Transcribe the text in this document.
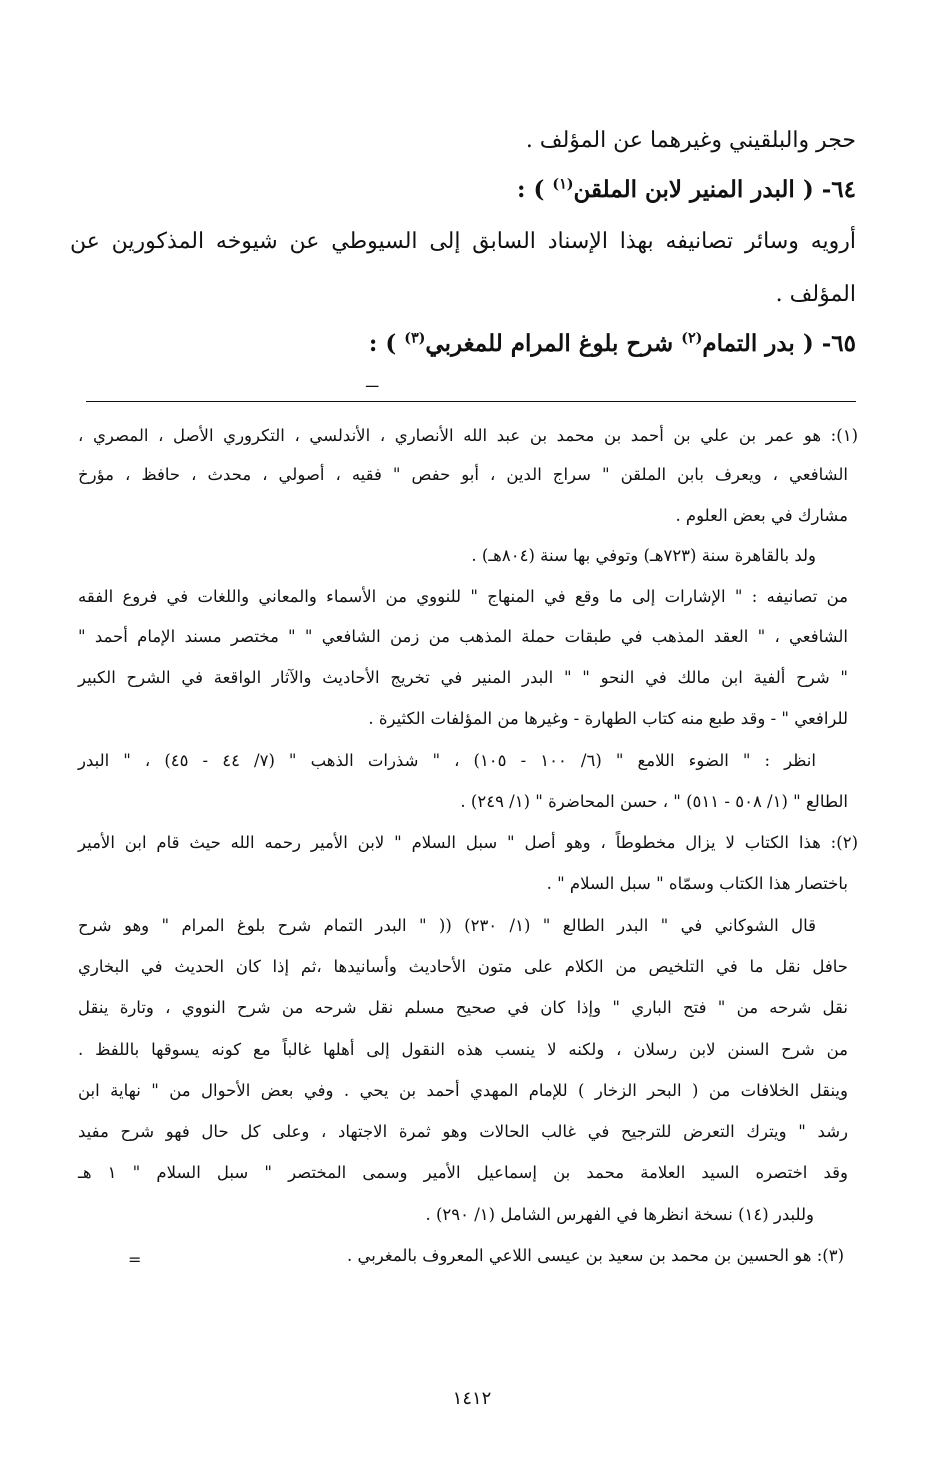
حجر والبلقيني وغيرهما عن المؤلف .
٦٤- ( البدر المنير لابن الملقن$^{(١)}$ ) :
أرويه وسائر تصانيفه بهذا الإسناد السابق إلى السيوطي عن شيوخه المذكورين عن
المؤلف .
٦٥- ( بدر التمام$^{(٢)}$ شرح بلوغ المرام للمغربي$^{(٣)}$ ) :
ـــ
(١): هو عمر بن علي بن أحمد بن محمد بن عبد الله الأنصاري ، الأندلسي ، التكروري الأصل ، المصري ،
الشافعي ، ويعرف بابن الملقن " سراج الدين ، أبو حفص " فقيه ، أصولي ، محدث ، حافظ ، مؤرخ
مشارك في بعض العلوم .
ولد بالقاهرة سنة (٧٢٣هـ) وتوفي بها سنة (٨٠٤هـ) .
من تصانيفه : " الإشارات إلى ما وقع في المنهاج " للنووي من الأسماء والمعاني واللغات في فروع الفقه
الشافعي ، " العقد المذهب في طبقات حملة المذهب من زمن الشافعي " " مختصر مسند الإمام أحمد "
" شرح ألفية ابن مالك في النحو " " البدر المنير في تخريج الأحاديث والآثار الواقعة في الشرح الكبير
للرافعي " - وقد طبع منه كتاب الطهارة - وغيرها من المؤلفات الكثيرة .
انظر : " الضوء اللامع " (٦/ ١٠٠ - ١٠٥) ، " شذرات الذهب " (٧/ ٤٤ - ٤٥) ، " البدر
الطالع " (١/ ٥٠٨ - ٥١١) " ، حسن المحاضرة " (١/ ٢٤٩) .
(٢): هذا الكتاب لا يزال مخطوطاً ، وهو أصل " سبل السلام " لابن الأمير رحمه الله حيث قام ابن الأمير
باختصار هذا الكتاب وسمّاه " سبل السلام " .
قال الشوكاني في " البدر الطالع " (١/ ٢٣٠) (( " البدر التمام شرح بلوغ المرام " وهو شرح
حافل نقل ما في التلخيص من الكلام على متون الأحاديث وأسانيدها ،ثم إذا كان الحديث في البخاري
نقل شرحه من " فتح الباري " وإذا كان في صحيح مسلم نقل شرحه من شرح النووي ، وتارة ينقل
من شرح السنن لابن رسلان ، ولكنه لا ينسب هذه النقول إلى أهلها غالباً مع كونه يسوقها باللفظ .
وينقل الخلافات من ( البحر الزخار ) للإمام المهدي أحمد بن يحي . وفي بعض الأحوال من " نهاية ابن
رشد " ويترك التعرض للترجيح في غالب الحالات وهو ثمرة الاجتهاد ، وعلى كل حال فهو شرح مفيد
وقد اختصره السيد العلامة محمد بن إسماعيل الأمير وسمى المختصر " سبل السلام " ١ هـ
وللبدر (١٤) نسخة انظرها في الفهرس الشامل (١/ ٢٩٠) .
(٣): هو الحسين بن محمد بن سعيد بن عيسى اللاعي المعروف بالمغربي .
=
١٤١٢
